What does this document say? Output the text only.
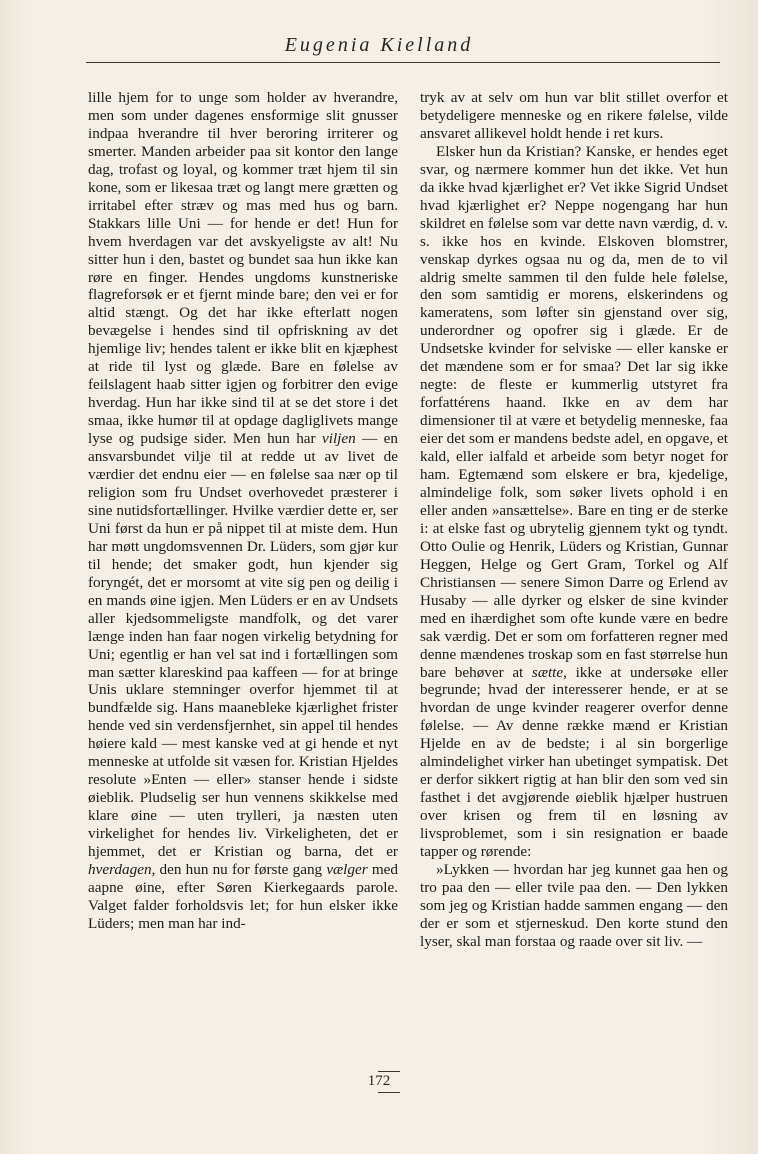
Eugenia Kielland

lille hjem for to unge som holder av hverandre, men som under dagenes ensformige slit gnusser indpaa hverandre til hver beroring irriterer og smerter. Manden arbeider paa sit kontor den lange dag, trofast og loyal, og kommer træt hjem til sin kone, som er likesaa træt og langt mere grætten og irritabel efter stræv og mas med hus og barn. Stakkars lille Uni — for hende er det! Hun for hvem hverdagen var det avskyeligste av alt! Nu sitter hun i den, bastet og bundet saa hun ikke kan røre en finger. Hendes ungdoms kunstneriske flagreforsøk er et fjernt minde bare; den vei er for altid stængt. Og det har ikke efterlatt nogen bevægelse i hendes sind til opfriskning av det hjemlige liv; hendes talent er ikke blit en kjæphest at ride til lyst og glæde. Bare en følelse av feilslagent haab sitter igjen og forbitrer den evige hverdag. Hun har ikke sind til at se det store i det smaa, ikke humør til at opdage dagliglivets mange lyse og pudsige sider. Men hun har viljen — en ansvarsbundet vilje til at redde ut av livet de værdier det endnu eier — en følelse saa nær op til religion som fru Undset overhovedet præsterer i sine nutidsfortællinger. Hvilke værdier dette er, ser Uni først da hun er på nippet til at miste dem. Hun har møtt ungdomsvennen Dr. Lüders, som gjør kur til hende; det smaker godt, hun kjender sig foryngét, det er morsomt at vite sig pen og deilig i en mands øine igjen. Men Lüders er en av Undsets aller kjedsommeligste mandfolk, og det varer længe inden han faar nogen virkelig betydning for Uni; egentlig er han vel sat ind i fortællingen som man sætter klareskind paa kaffeen — for at bringe Unis uklare stemninger overfor hjemmet til at bundfælde sig. Hans maanebleke kjærlighet frister hende ved sin verdensfjernhet, sin appel til hendes høiere kald — mest kanske ved at gi hende et nyt menneske at utfolde sit væsen for. Kristian Hjeldes resolute »Enten — eller» stanser hende i sidste øieblik. Pludselig ser hun vennens skikkelse med klare øine — uten trylleri, ja næsten uten virkelighet for hendes liv. Virkeligheten, det er hjemmet, det er Kristian og barna, det er hverdagen, den hun nu for første gang vælger med aapne øine, efter Søren Kierkegaards parole. Valget falder forholdsvis let; for hun elsker ikke Lüders; men man har ind-

tryk av at selv om hun var blit stillet overfor et betydeligere menneske og en rikere følelse, vilde ansvaret allikevel holdt hende i ret kurs.

Elsker hun da Kristian? Kanske, er hendes eget svar, og nærmere kommer hun det ikke. Vet hun da ikke hvad kjærlighet er? Vet ikke Sigrid Undset hvad kjærlighet er? Neppe nogengang har hun skildret en følelse som var dette navn værdig, d. v. s. ikke hos en kvinde. Elskoven blomstrer, venskap dyrkes ogsaa nu og da, men de to vil aldrig smelte sammen til den fulde hele følelse, den som samtidig er morens, elskerindens og kameratens, som løfter sin gjenstand over sig, underordner og opofrer sig i glæde. Er de Undsetske kvinder for selviske — eller kanske er det mændene som er for smaa? Det lar sig ikke negte: de fleste er kummerlig utstyret fra forfattérens haand. Ikke en av dem har dimensioner til at være et betydelig menneske, faa eier det som er mandens bedste adel, en opgave, et kald, eller ialfald et arbeide som betyr noget for ham. Egtemænd som elskere er bra, kjedelige, almindelige folk, som søker livets ophold i en eller anden »ansættelse». Bare en ting er de sterke i: at elske fast og ubrytelig gjennem tykt og tyndt. Otto Oulie og Henrik, Lüders og Kristian, Gunnar Heggen, Helge og Gert Gram, Torkel og Alf Christiansen — senere Simon Darre og Erlend av Husaby — alle dyrker og elsker de sine kvinder med en ihærdighet som ofte kunde være en bedre sak værdig. Det er som om forfatteren regner med denne mændenes troskap som en fast størrelse hun bare behøver at sætte, ikke at undersøke eller begrunde; hvad der interesserer hende, er at se hvordan de unge kvinder reagerer overfor denne følelse. — Av denne række mænd er Kristian Hjelde en av de bedste; i al sin borgerlige almindelighet virker han ubetinget sympatisk. Det er derfor sikkert rigtig at han blir den som ved sin fasthet i det avgjørende øieblik hjælper hustruen over krisen og frem til en løsning av livsproblemet, som i sin resignation er baade tapper og rørende:

»Lykken — hvordan har jeg kunnet gaa hen og tro paa den — eller tvile paa den. — Den lykken som jeg og Kristian hadde sammen engang — den der er som et stjerneskud. Den korte stund den lyser, skal man forstaa og raade over sit liv. —

172
